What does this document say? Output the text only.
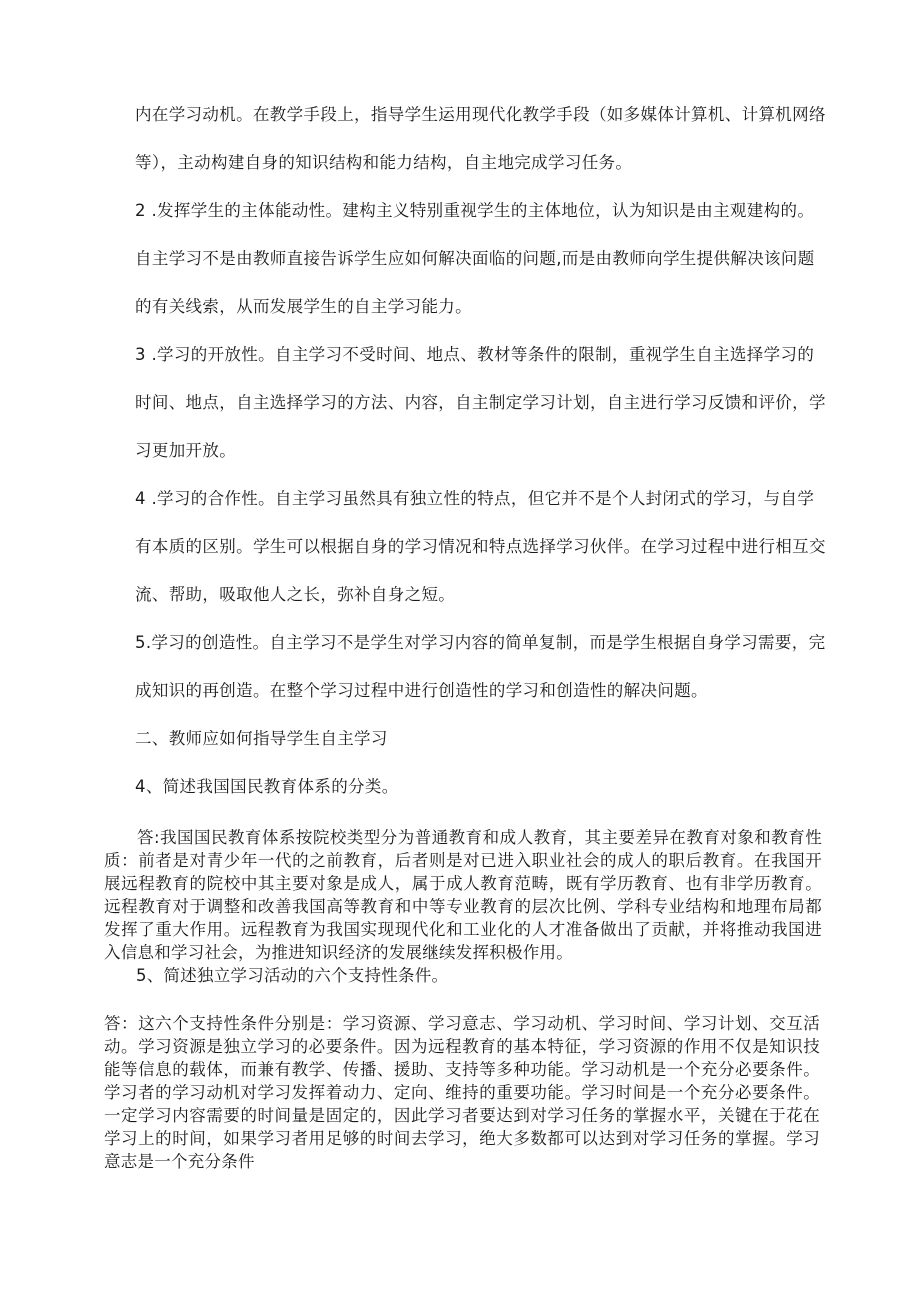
内在学习动机。在教学手段上，指导学生运用现代化教学手段（如多媒体计算机、计算机网络
等），主动构建自身的知识结构和能力结构，自主地完成学习任务。
2 .发挥学生的主体能动性。建构主义特别重视学生的主体地位，认为知识是由主观建构的。
自主学习不是由教师直接告诉学生应如何解决面临的问题,而是由教师向学生提供解决该问题
的有关线索，从而发展学生的自主学习能力。
3 .学习的开放性。自主学习不受时间、地点、教材等条件的限制，重视学生自主选择学习的
时间、地点，自主选择学习的方法、内容，自主制定学习计划，自主进行学习反馈和评价，学
习更加开放。
4 .学习的合作性。自主学习虽然具有独立性的特点，但它并不是个人封闭式的学习，与自学
有本质的区别。学生可以根据自身的学习情况和特点选择学习伙伴。在学习过程中进行相互交
流、帮助，吸取他人之长，弥补自身之短。
5.学习的创造性。自主学习不是学生对学习内容的简单复制，而是学生根据自身学习需要，完
成知识的再创造。在整个学习过程中进行创造性的学习和创造性的解决问题。
二、教师应如何指导学生自主学习
4、简述我国国民教育体系的分类。
答:我国国民教育体系按院校类型分为普通教育和成人教育，其主要差异在教育对象和教育性质：前者是对青少年一代的之前教育，后者则是对已进入职业社会的成人的职后教育。在我国开展远程教育的院校中其主要对象是成人，属于成人教育范畴，既有学历教育、也有非学历教育。远程教育对于调整和改善我国高等教育和中等专业教育的层次比例、学科专业结构和地理布局都发挥了重大作用。远程教育为我国实现现代化和工业化的人才准备做出了贡献，并将推动我国进入信息和学习社会，为推进知识经济的发展继续发挥积极作用。
5、简述独立学习活动的六个支持性条件。
答：这六个支持性条件分别是：学习资源、学习意志、学习动机、学习时间、学习计划、交互活动。学习资源是独立学习的必要条件。因为远程教育的基本特征，学习资源的作用不仅是知识技能等信息的载体，而兼有教学、传播、援助、支持等多种功能。学习动机是一个充分必要条件。学习者的学习动机对学习发挥着动力、定向、维持的重要功能。学习时间是一个充分必要条件。一定学习内容需要的时间量是固定的，因此学习者要达到对学习任务的掌握水平，关键在于花在学习上的时间，如果学习者用足够的时间去学习，绝大多数都可以达到对学习任务的掌握。学习意志是一个充分条件
